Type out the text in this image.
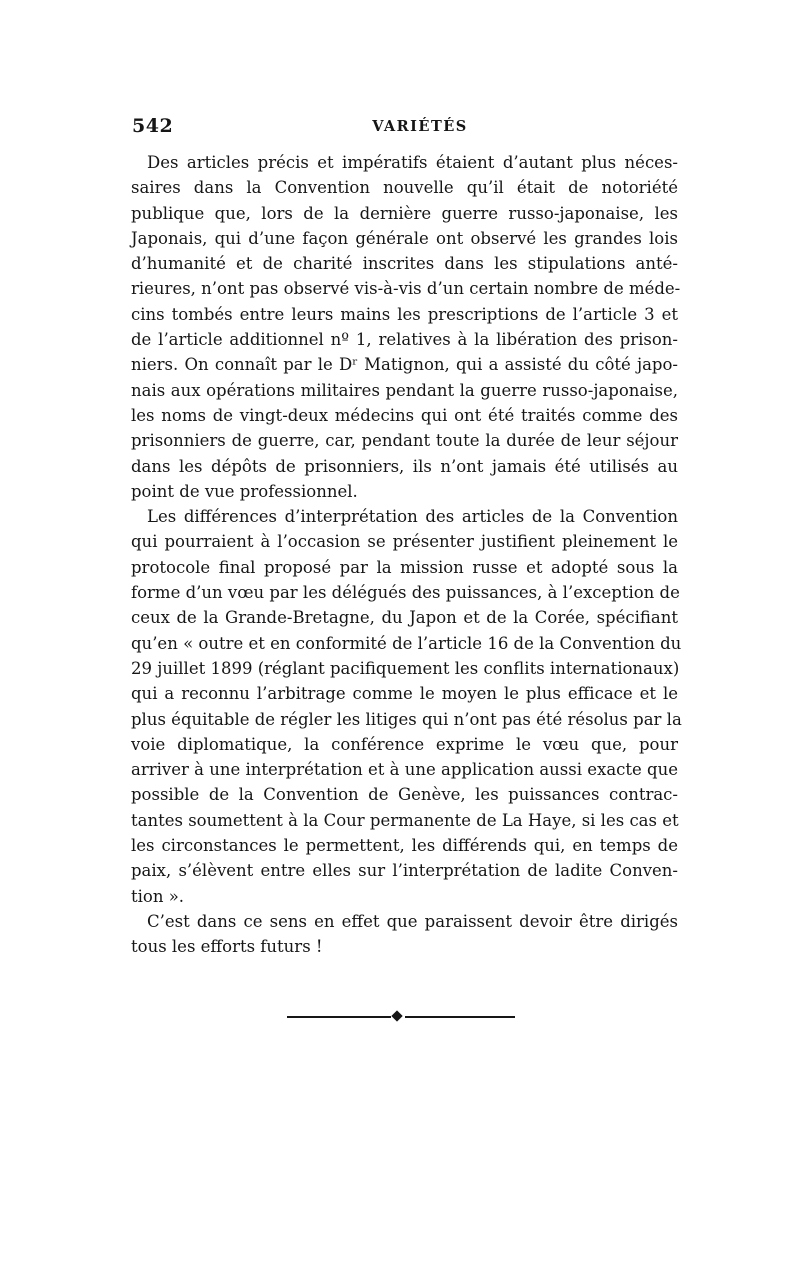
542	VARIÉTÉS
Des articles précis et impératifs étaient d’autant plus néces-
saires dans la Convention nouvelle qu’il était de notoriété
publique que, lors de la dernière guerre russo-japonaise, les
Japonais, qui d’une façon générale ont observé les grandes lois
d’humanité et de charité inscrites dans les stipulations anté-
rieures, n’ont pas observé vis-à-vis d’un certain nombre de méde-
cins tombés entre leurs mains les prescriptions de l’article 3 et
de l’article additionnel nº 1, relatives à la libération des prison-
niers. On connaît par le Dʳ Matignon, qui a assisté du côté japo-
nais aux opérations militaires pendant la guerre russo-japonaise,
les noms de vingt-deux médecins qui ont été traités comme des
prisonniers de guerre, car, pendant toute la durée de leur séjour
dans les dépôts de prisonniers, ils n’ont jamais été utilisés au
point de vue professionnel.
Les différences d’interprétation des articles de la Convention
qui pourraient à l’occasion se présenter justifient pleinement le
protocole final proposé par la mission russe et adopté sous la
forme d’un vœu par les délégués des puissances, à l’exception de
ceux de la Grande-Bretagne, du Japon et de la Corée, spécifiant
qu’en « outre et en conformité de l’article 16 de la Convention du
29 juillet 1899 (réglant pacifiquement les conflits internationaux)
qui a reconnu l’arbitrage comme le moyen le plus efficace et le
plus équitable de régler les litiges qui n’ont pas été résolus par la
voie diplomatique, la conférence exprime le vœu que, pour
arriver à une interprétation et à une application aussi exacte que
possible de la Convention de Genève, les puissances contrac-
tantes soumettent à la Cour permanente de La Haye, si les cas et
les circonstances le permettent, les différends qui, en temps de
paix, s’élèvent entre elles sur l’interprétation de ladite Conven-
tion ».
C’est dans ce sens en effet que paraissent devoir être dirigés
tous les efforts futurs !
